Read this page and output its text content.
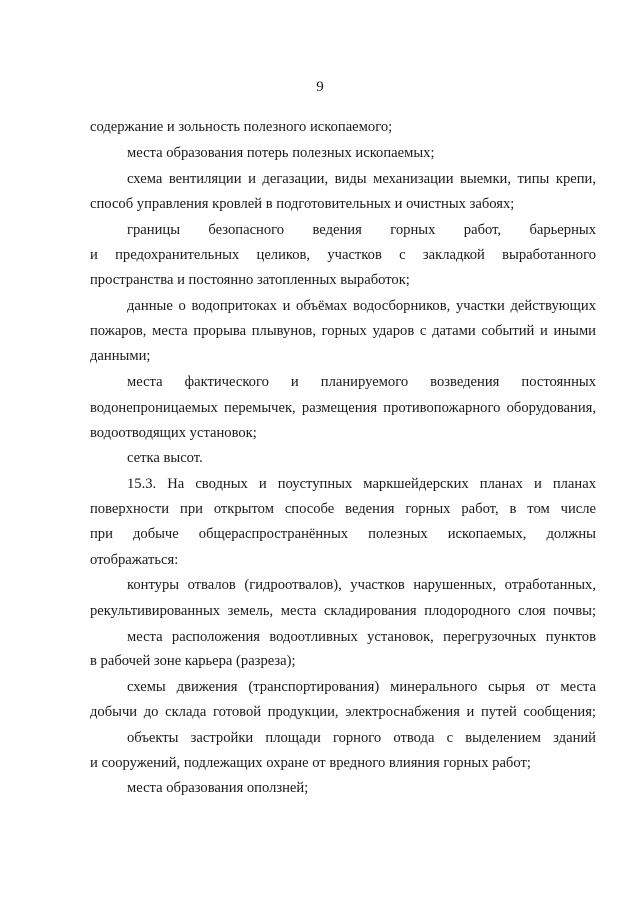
9
содержание и зольность полезного ископаемого;
места образования потерь полезных ископаемых;
схема вентиляции и дегазации, виды механизации выемки, типы крепи,
способ управления кровлей в подготовительных и очистных забоях;
границы безопасного ведения горных работ, барьерных
и предохранительных целиков, участков с закладкой выработанного
пространства и постоянно затопленных выработок;
данные о водопритоках и объёмах водосборников, участки действующих
пожаров, места прорыва плывунов, горных ударов с датами событий и иными
данными;
места фактического и планируемого возведения постоянных
водонепроницаемых перемычек, размещения противопожарного оборудования,
водоотводящих установок;
сетка высот.
15.3. На сводных и поуступных маркшейдерских планах и планах
поверхности при открытом способе ведения горных работ, в том числе
при добыче общераспространённых полезных ископаемых, должны
отображаться:
контуры отвалов (гидроотвалов), участков нарушенных, отработанных,
рекультивированных земель, места складирования плодородного слоя почвы;
места расположения водоотливных установок, перегрузочных пунктов
в рабочей зоне карьера (разреза);
схемы движения (транспортирования) минерального сырья от места
добычи до склада готовой продукции, электроснабжения и путей сообщения;
объекты застройки площади горного отвода с выделением зданий
и сооружений, подлежащих охране от вредного влияния горных работ;
места образования оползней;
